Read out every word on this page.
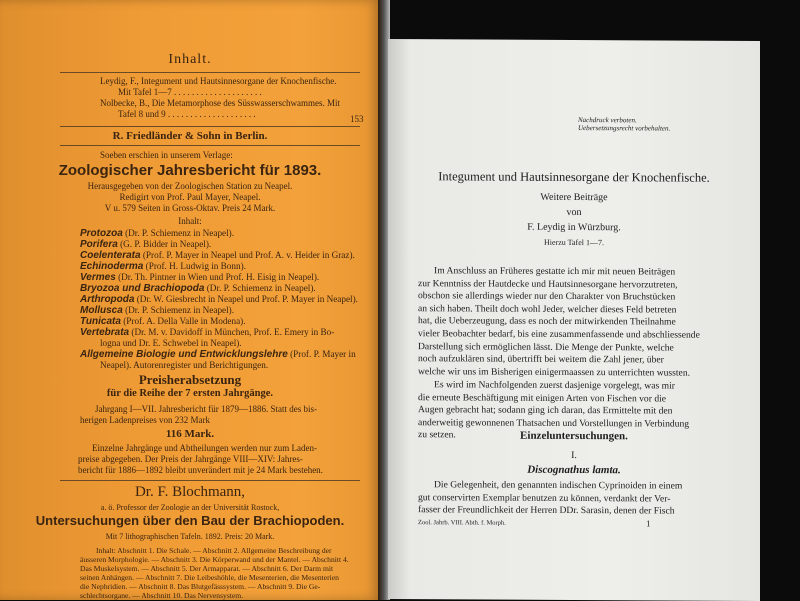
Inhalt.
Leydig, F., Integument und Hautsinnesorgane der Knochenfische.
Mit Tafel 1—7 . . . . . . . . . . . . . . . . . . . .
Nolbecke, B., Die Metamorphose des Süsswasserschwammes. Mit
Tafel 8 und 9 . . . . . . . . . . . . . . . . . . . .	153
R. Friedländer & Sohn in Berlin.
Soeben erschien in unserem Verlage:
Zoologischer Jahresbericht für 1893.
Herausgegeben von der Zoologischen Station zu Neapel.
Redigirt von Prof. Paul Mayer, Neapel.
V u. 579 Seiten in Gross-Oktav. Preis 24 Mark.
Inhalt:
Protozoa (Dr. P. Schiemenz in Neapel).
Porifera (G. P. Bidder in Neapel).
Coelenterata (Prof. P. Mayer in Neapel und Prof. A. v. Heider in Graz).
Echinoderma (Prof. H. Ludwig in Bonn).
Vermes (Dr. Th. Pintner in Wien und Prof. H. Eisig in Neapel).
Bryozoa und Brachiopoda (Dr. P. Schiemenz in Neapel).
Arthropoda (Dr. W. Giesbrecht in Neapel und Prof. P. Mayer in Neapel).
Mollusca (Dr. P. Schiemenz in Neapel).
Tunicata (Prof. A. Della Valle in Modena).
Vertebrata (Dr. M. v. Davidoff in München, Prof. E. Emery in Bo-
logna und Dr. E. Schwebel in Neapel).
Allgemeine Biologie und Entwicklungslehre (Prof. P. Mayer in
Neapel). Autorenregister und Berichtigungen.
Preisherabsetzung
für die Reihe der 7 ersten Jahrgänge.
Jahrgang I—VII. Jahresbericht für 1879—1886. Statt des bis-
herigen Ladenpreises von 232 Mark
116 Mark.
Einzelne Jahrgänge und Abtheilungen werden nur zum Laden-
preise abgegeben. Der Preis der Jahrgänge VIII—XIV: Jahres-
bericht für 1886—1892 bleibt unverändert mit je 24 Mark bestehen.
Dr. F. Blochmann,
a. ö. Professor der Zoologie an der Universität Rostock,
Untersuchungen über den Bau der Brachiopoden.
Mit 7 lithographischen Tafeln. 1892. Preis: 20 Mark.
Inhalt: Abschnitt 1. Die Schale. — Abschnitt 2. Allgemeine Beschreibung der
äusseren Morphologie. — Abschnitt 3. Die Körperwand und der Mantel. — Abschnitt 4.
Das Muskelsystem. — Abschnitt 5. Der Armapparat. — Abschnitt 6. Der Darm mit
seinen Anhängen. — Abschnitt 7. Die Leibeshöhle, die Mesenterien, die Mesenterien
die Nephridien. — Abschnitt 8. Das Blutgefässsystem. — Abschnitt 9. Die Ge-
schlechtsorgane. — Abschnitt 10. Das Nervensystem.
Nachdruck verboten.
Uebersetzungsrecht vorbehalten.
Integument und Hautsinnesorgane der Knochenfische.
Weitere Beiträge
von
F. Leydig in Würzburg.
Hierzu Tafel 1—7.
Im Anschluss an Früheres gestatte ich mir mit neuen Beiträgen
zur Kenntniss der Hautdecke und Hautsinnesorgane hervorzutreten,
obschon sie allerdings wieder nur den Charakter von Bruchstücken
an sich haben. Theilt doch wohl Jeder, welcher dieses Feld betreten
hat, die Ueberzeugung, dass es noch der mitwirkenden Theilnahme
vieler Beobachter bedarf, bis eine zusammenfassende und abschliessende
Darstellung sich ermöglichen lässt. Die Menge der Punkte, welche
noch aufzuklären sind, übertrifft bei weitem die Zahl jener, über
welche wir uns im Bisherigen einigermaassen zu unterrichten wussten.
Es wird im Nachfolgenden zuerst dasjenige vorgelegt, was mir
die erneute Beschäftigung mit einigen Arten von Fischen vor die
Augen gebracht hat; sodann ging ich daran, das Ermittelte mit den
anderweitig gewonnenen Thatsachen und Vorstellungen in Verbindung
zu setzen.	Einzeluntersuchungen.
I.
Discognathus lamta.
Die Gelegenheit, den genannten indischen Cyprinoiden in einem
gut conservirten Exemplar benutzen zu können, verdankt der Ver-
fasser der Freundlichkeit der Herren DDr. Sarasin, denen der Fisch
Zool. Jahrb. VIII. Abth. f. Morph.	1
